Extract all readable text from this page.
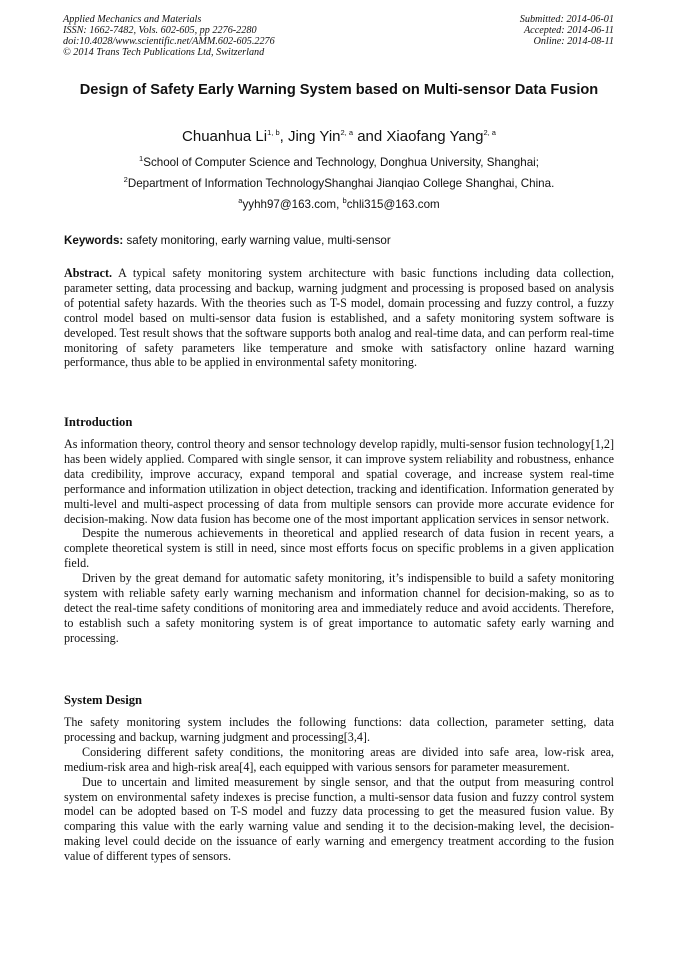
Applied Mechanics and Materials
ISSN: 1662-7482, Vols. 602-605, pp 2276-2280
doi:10.4028/www.scientific.net/AMM.602-605.2276
© 2014 Trans Tech Publications Ltd, Switzerland
Submitted: 2014-06-01
Accepted: 2014-06-11
Online: 2014-08-11
Design of Safety Early Warning System based on Multi-sensor Data Fusion
Chuanhua Li$^{1, b}$, Jing Yin$^{2, a}$ and Xiaofang Yang$^{2, a}$
$^1$School of Computer Science and Technology, Donghua University, Shanghai;
$^2$Department of Information TechnologyShanghai Jianqiao College Shanghai, China.
$^a$yyhh97@163.com, $^b$chli315@163.com
Keywords: safety monitoring, early warning value, multi-sensor

Abstract. A typical safety monitoring system architecture with basic functions including data collection, parameter setting, data processing and backup, warning judgment and processing is proposed based on analysis of potential safety hazards. With the theories such as T-S model, domain processing and fuzzy control, a fuzzy control model based on multi-sensor data fusion is established, and a safety monitoring system software is developed. Test result shows that the software supports both analog and real-time data, and can perform real-time monitoring of safety parameters like temperature and smoke with satisfactory online hazard warning performance, thus able to be applied in environmental safety monitoring.

Introduction

As information theory, control theory and sensor technology develop rapidly, multi-sensor fusion technology[1,2] has been widely applied. Compared with single sensor, it can improve system reliability and robustness, enhance data credibility, improve accuracy, expand temporal and spatial coverage, and increase system real-time performance and information utilization in object detection, tracking and identification. Information generated by multi-level and multi-aspect processing of data from multiple sensors can provide more accurate evidence for decision-making. Now data fusion has become one of the most important application services in sensor network.

Despite the numerous achievements in theoretical and applied research of data fusion in recent years, a complete theoretical system is still in need, since most efforts focus on specific problems in a given application field.

Driven by the great demand for automatic safety monitoring, it’s indispensible to build a safety monitoring system with reliable safety early warning mechanism and information channel for decision-making, so as to detect the real-time safety conditions of monitoring area and immediately reduce and avoid accidents. Therefore, to establish such a safety monitoring system is of great importance to automatic safety early warning and processing.

System Design

The safety monitoring system includes the following functions: data collection, parameter setting, data processing and backup, warning judgment and processing[3,4].

Considering different safety conditions, the monitoring areas are divided into safe area, low-risk area, medium-risk area and high-risk area[4], each equipped with various sensors for parameter measurement.

Due to uncertain and limited measurement by single sensor, and that the output from measuring control system on environmental safety indexes is precise function, a multi-sensor data fusion and fuzzy control system model can be adopted based on T-S model and fuzzy data processing to get the measured fusion value. By comparing this value with the early warning value and sending it to the decision-making level, the decision-making level could decide on the issuance of early warning and emergency treatment according to the fusion value of different types of sensors.
